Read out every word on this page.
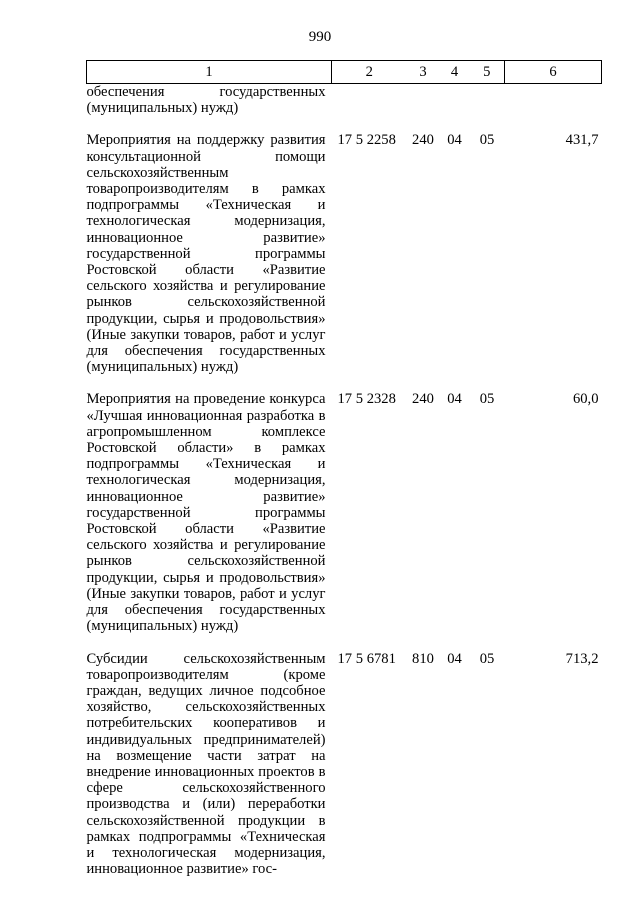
990
1	2	3	4	5	6
обеспечения государственных (муниципальных) нужд)					

Мероприятия на поддержку развития консультационной помощи сельскохозяйственным товаропроизводителям в рамках подпрограммы «Техническая и технологическая модернизация, инновационное развитие» государственной программы Ростовской области «Развитие сельского хозяйства и регулирование рынков сельскохозяйственной продукции, сырья и продовольствия» (Иные закупки товаров, работ и услуг для обеспечения государственных (муниципальных) нужд)	17 5 2258	240	04	05	431,7

Мероприятия на проведение конкурса «Лучшая инновационная разработка в агропромышленном комплексе Ростовской области» в рамках подпрограммы «Техническая и технологическая модернизация, инновационное развитие» государственной программы Ростовской области «Развитие сельского хозяйства и регулирование рынков сельскохозяйственной продукции, сырья и продовольствия» (Иные закупки товаров, работ и услуг для обеспечения государственных (муниципальных) нужд)	17 5 2328	240	04	05	60,0

Субсидии сельскохозяйственным товаропроизводителям (кроме граждан, ведущих личное подсобное хозяйство, сельскохозяйственных потребительских кооперативов и индивидуальных предпринимателей) на возмещение части затрат на внедрение инновационных проектов в сфере сельскохозяйственного производства и (или) переработки сельскохозяйственной продукции в рамках подпрограммы «Техническая и технологическая модернизация, инновационное развитие» гос-	17 5 6781	810	04	05	713,2
